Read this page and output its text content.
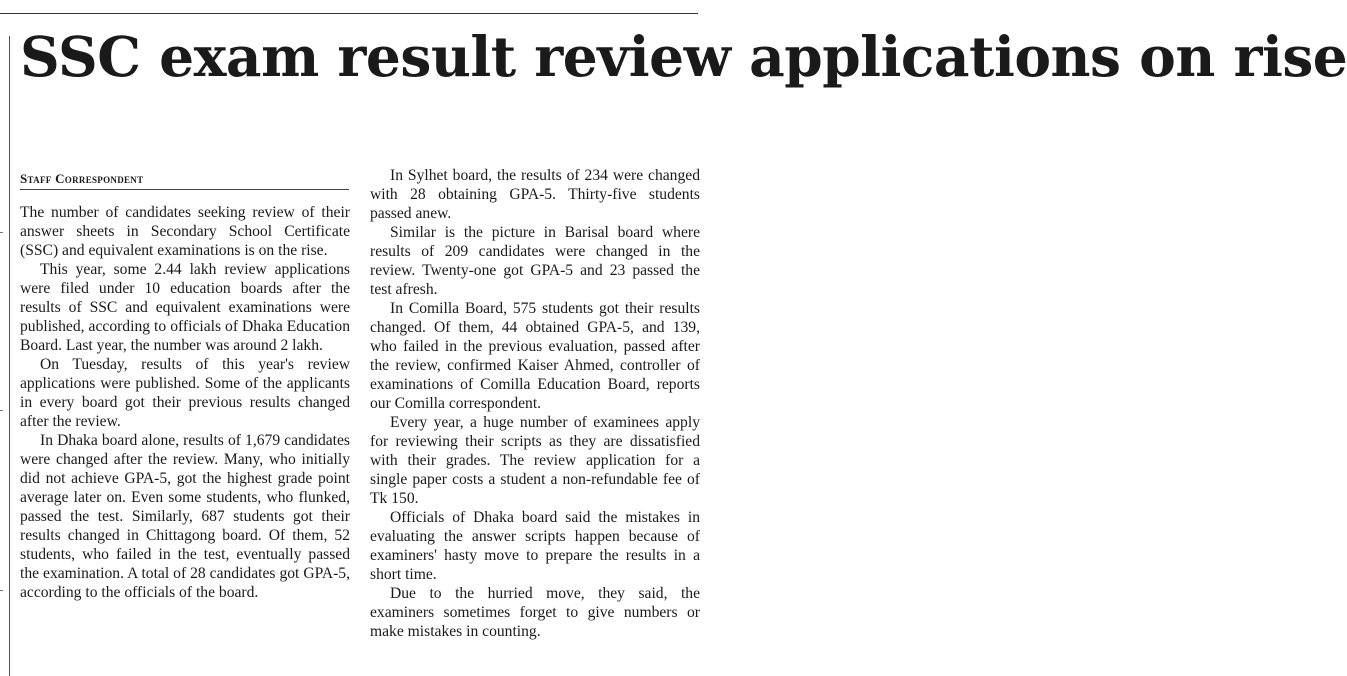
SSC exam result review applications on rise
Staff Correspondent

The number of candidates seeking review of their answer sheets in Secondary School Certificate (SSC) and equivalent examinations is on the rise.

This year, some 2.44 lakh review applications were filed under 10 education boards after the results of SSC and equivalent examinations were published, according to officials of Dhaka Education Board. Last year, the number was around 2 lakh.

On Tuesday, results of this year's review applications were published. Some of the applicants in every board got their previous results changed after the review.

In Dhaka board alone, results of 1,679 candidates were changed after the review. Many, who initially did not achieve GPA-5, got the highest grade point average later on. Even some students, who flunked, passed the test. Similarly, 687 students got their results changed in Chittagong board. Of them, 52 students, who failed in the test, eventually passed the examination. A total of 28 candidates got GPA-5, according to the officials of the board.

In Sylhet board, the results of 234 were changed with 28 obtaining GPA-5. Thirty-five students passed anew.

Similar is the picture in Barisal board where results of 209 candidates were changed in the review. Twenty-one got GPA-5 and 23 passed the test afresh.

In Comilla Board, 575 students got their results changed. Of them, 44 obtained GPA-5, and 139, who failed in the previous evaluation, passed after the review, confirmed Kaiser Ahmed, controller of examinations of Comilla Education Board, reports our Comilla correspondent.

Every year, a huge number of examinees apply for reviewing their scripts as they are dissatisfied with their grades. The review application for a single paper costs a student a non-refundable fee of Tk 150.

Officials of Dhaka board said the mistakes in evaluating the answer scripts happen because of examiners' hasty move to prepare the results in a short time.

Due to the hurried move, they said, the examiners sometimes forget to give numbers or make mistakes in counting.
